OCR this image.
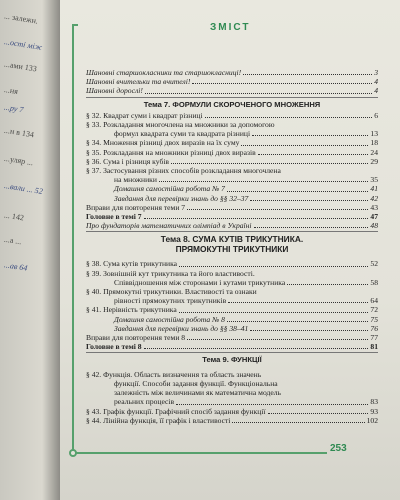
... залежн.
...ості між
...ами 133
...ня
...ру 7
...н в 134
...уляр ...
...вали ... 52
... 142
...а ...
...ав 64
ЗМІСТ
253
Шановні старшокласники та старшокласниці!	3
Шановні вчительки та вчителі!	4
Шановні дорослі!	4
Тема 7. ФОРМУЛИ СКОРОЧЕНОГО МНОЖЕННЯ
§ 32. Квадрат суми і квадрат різниці	6
§ 33. Розкладання многочлена на множники за допомогою
формул квадрата суми та квадрата різниці	13
§ 34. Множення різниці двох виразів на їх суму	18
§ 35. Розкладання на множники різниці двох виразів	24
§ 36. Сума і різниця кубів	29
§ 37. Застосування різних способів розкладання многочлена
на множники	35
Домашня самостійна робота № 7	41
Завдання для перевірки знань до §§ 32–37	42
Вправи для повторення теми 7	43
Головне в темі 7	47
Про фундаторів математичних олімпіад в Україні	48
Тема 8. СУМА КУТІВ ТРИКУТНИКА.
ПРЯМОКУТНІ ТРИКУТНИКИ
§ 38. Сума кутів трикутника	52
§ 39. Зовнішній кут трикутника та його властивості.
Співвідношення між сторонами і кутами трикутника	58
§ 40. Прямокутні трикутники. Властивості та ознаки
рівності прямокутних трикутників	64
§ 41. Нерівність трикутника	72
Домашня самостійна робота № 8	75
Завдання для перевірки знань до §§ 38–41	76
Вправи для повторення теми 8	77
Головне в темі 8	81
Тема 9. ФУНКЦІЇ
§ 42. Функція. Область визначення та область значень
функції. Способи задання функції. Функціональна
залежність між величинами як математична модель
реальних процесів	83
§ 43. Графік функції. Графічний спосіб задання функції	93
§ 44. Лінійна функція, її графік і властивості	102
